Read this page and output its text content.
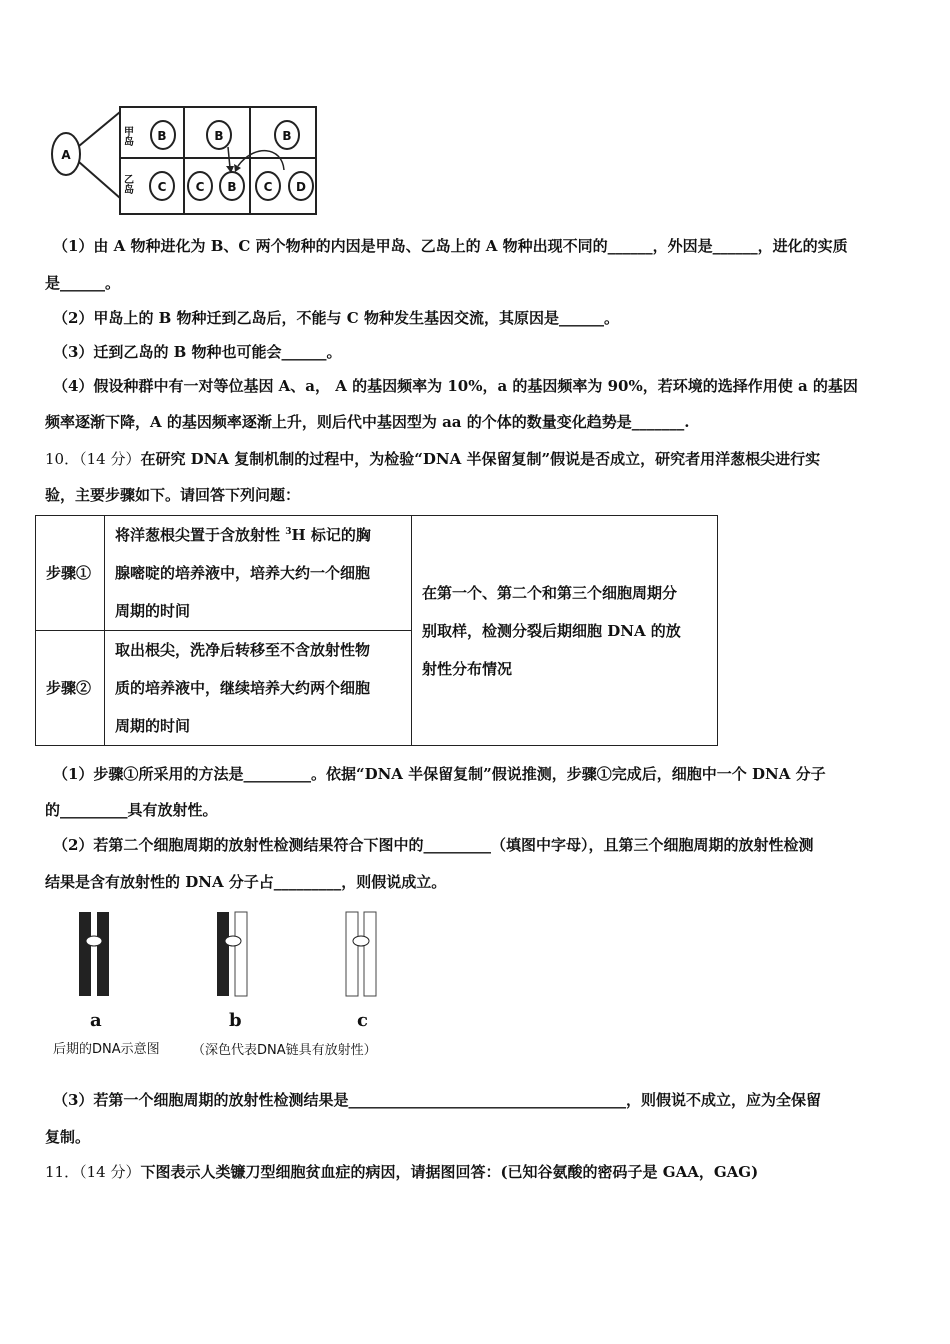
A
B	B	B
C C B C D
甲岛
乙岛
（1）由 A 物种进化为 B、C 两个物种的内因是甲岛、乙岛上的 A 物种出现不同的______，外因是______，进化的实质
是______。
（2）甲岛上的 B 物种迁到乙岛后，不能与 C 物种发生基因交流，其原因是______。
（3）迁到乙岛的 B 物种也可能会______。
（4）假设种群中有一对等位基因 A、a， A 的基因频率为 10%，a 的基因频率为 90%，若环境的选择作用使 a 的基因
频率逐渐下降，A 的基因频率逐渐上升，则后代中基因型为 aa 的个体的数量变化趋势是_______.
10．（14 分）在研究 DNA 复制机制的过程中，为检验“DNA 半保留复制”假说是否成立，研究者用洋葱根尖进行实
验，主要步骤如下。请回答下列问题：
步骤①	将洋葱根尖置于含放射性 $^3$H 标记的胸
腺嘧啶的培养液中，培养大约一个细胞
周期的时间	在第一个、第二个和第三个细胞周期分
别取样，检测分裂后期细胞 DNA 的放
射性分布情况
步骤②	取出根尖，洗净后转移至不含放射性物
质的培养液中，继续培养大约两个细胞
周期的时间	
（1）步骤①所采用的方法是_________。依据“DNA 半保留复制”假说推测，步骤①完成后，细胞中一个 DNA 分子
的_________具有放射性。
（2）若第二个细胞周期的放射性检测结果符合下图中的_________（填图中字母），且第三个细胞周期的放射性检测
结果是含有放射性的 DNA 分子占_________，则假说成立。
a	b	c
后期的DNA示意图 （深色代表DNA链具有放射性）
（3）若第一个细胞周期的放射性检测结果是_____________________________________，则假说不成立，应为全保留
复制。
11．（14 分）下图表示人类镰刀型细胞贫血症的病因，请据图回答：(已知谷氨酸的密码子是 GAA，GAG)
